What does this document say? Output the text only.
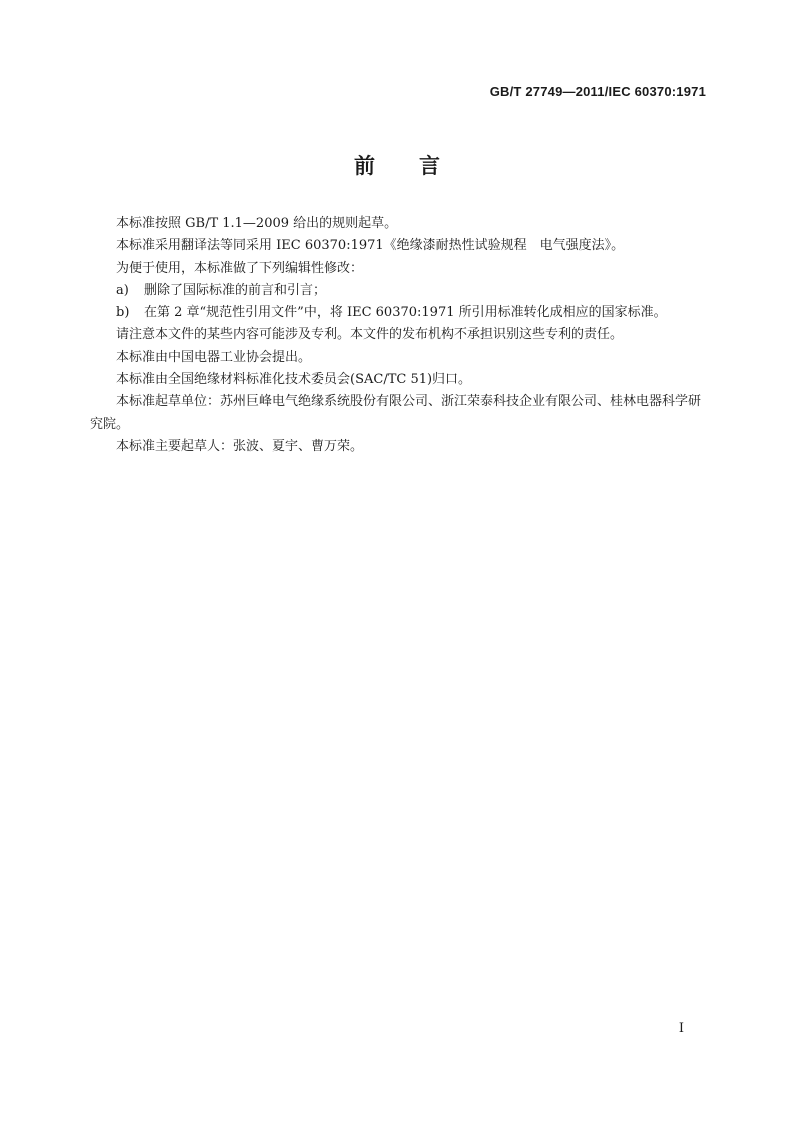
GB/T 27749—2011/IEC 60370:1971
前 言

本标准按照 GB/T 1.1—2009 给出的规则起草。

本标准采用翻译法等同采用 IEC 60370:1971《绝缘漆耐热性试验规程　电气强度法》。

为便于使用，本标准做了下列编辑性修改：

a) 删除了国际标准的前言和引言；

b) 在第 2 章“规范性引用文件”中，将 IEC 60370:1971 所引用标准转化成相应的国家标准。

请注意本文件的某些内容可能涉及专利。本文件的发布机构不承担识别这些专利的责任。

本标准由中国电器工业协会提出。

本标准由全国绝缘材料标准化技术委员会(SAC/TC 51)归口。

本标准起草单位：苏州巨峰电气绝缘系统股份有限公司、浙江荣泰科技企业有限公司、桂林电器科学研究院。

本标准主要起草人：张波、夏宇、曹万荣。

I
